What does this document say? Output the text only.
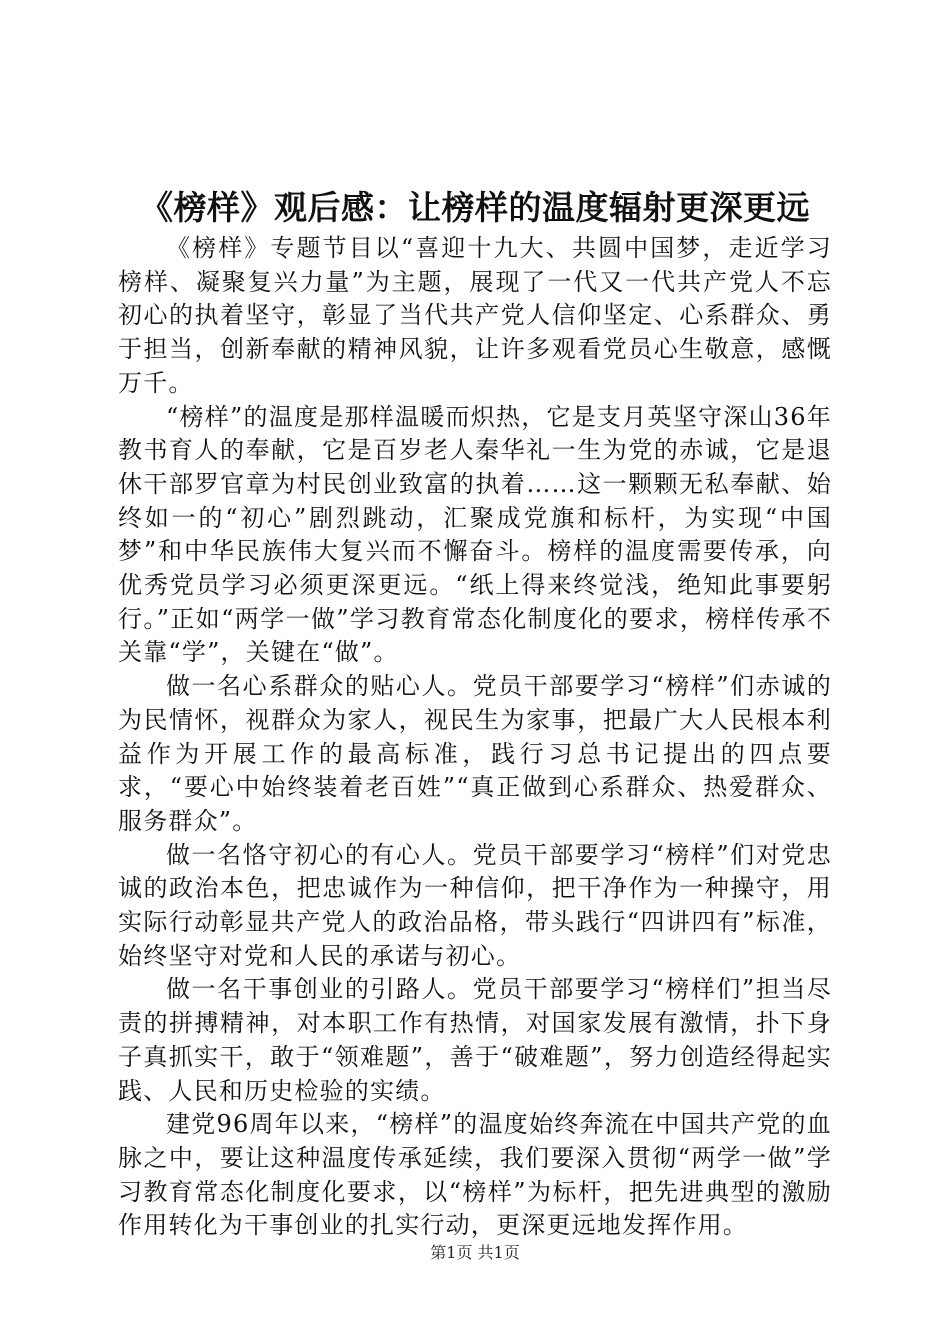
《榜样》观后感：让榜样的温度辐射更深更远

《榜样》专题节目以“喜迎十九大、共圆中国梦，走近学习榜样、凝聚复兴力量”为主题，展现了一代又一代共产党人不忘初心的执着坚守，彰显了当代共产党人信仰坚定、心系群众、勇于担当，创新奉献的精神风貌，让许多观看党员心生敬意，感慨万千。

“榜样”的温度是那样温暖而炽热，它是支月英坚守深山36年教书育人的奉献，它是百岁老人秦华礼一生为党的赤诚，它是退休干部罗官章为村民创业致富的执着……这一颗颗无私奉献、始终如一的“初心”剧烈跳动，汇聚成党旗和标杆，为实现“中国梦”和中华民族伟大复兴而不懈奋斗。榜样的温度需要传承，向优秀党员学习必须更深更远。“纸上得来终觉浅，绝知此事要躬行。”正如“两学一做”学习教育常态化制度化的要求，榜样传承不关靠“学”，关键在“做”。

做一名心系群众的贴心人。党员干部要学习“榜样”们赤诚的为民情怀，视群众为家人，视民生为家事，把最广大人民根本利益作为开展工作的最高标准，践行习总书记提出的四点要求，“要心中始终装着老百姓”“真正做到心系群众、热爱群众、服务群众”。

做一名恪守初心的有心人。党员干部要学习“榜样”们对党忠诚的政治本色，把忠诚作为一种信仰，把干净作为一种操守，用实际行动彰显共产党人的政治品格，带头践行“四讲四有”标准，始终坚守对党和人民的承诺与初心。

做一名干事创业的引路人。党员干部要学习“榜样们”担当尽责的拼搏精神，对本职工作有热情，对国家发展有激情，扑下身子真抓实干，敢于“领难题”，善于“破难题”，努力创造经得起实践、人民和历史检验的实绩。

建党96周年以来，“榜样”的温度始终奔流在中国共产党的血脉之中，要让这种温度传承延续，我们要深入贯彻“两学一做”学习教育常态化制度化要求，以“榜样”为标杆，把先进典型的激励作用转化为干事创业的扎实行动，更深更远地发挥作用。

第1页 共1页
